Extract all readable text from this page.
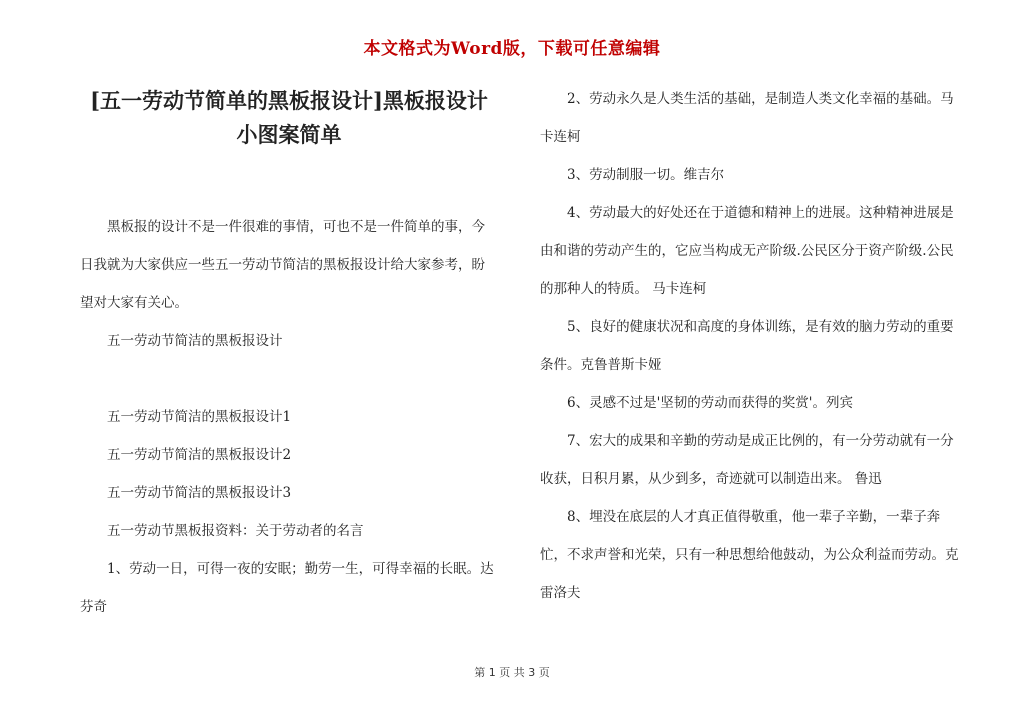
本文格式为Word版，下载可任意编辑
[五一劳动节简单的黑板报设计]黑板报设计小图案简单

黑板报的设计不是一件很难的事情，可也不是一件简单的事，今日我就为大家供应一些五一劳动节简洁的黑板报设计给大家参考，盼望对大家有关心。

五一劳动节简洁的黑板报设计

五一劳动节简洁的黑板报设计1

五一劳动节简洁的黑板报设计2

五一劳动节简洁的黑板报设计3

五一劳动节黑板报资料：关于劳动者的名言

1、劳动一日，可得一夜的安眠；勤劳一生，可得幸福的长眠。达芬奇

2、劳动永久是人类生活的基础，是制造人类文化幸福的基础。马卡连柯

3、劳动制服一切。维吉尔

4、劳动最大的好处还在于道德和精神上的进展。这种精神进展是由和谐的劳动产生的，它应当构成无产阶级.公民区分于资产阶级.公民的那种人的特质。 马卡连柯

5、良好的健康状况和高度的身体训练，是有效的脑力劳动的重要条件。克鲁普斯卡娅

6、灵感不过是'坚韧的劳动而获得的奖赏'。列宾

7、宏大的成果和辛勤的劳动是成正比例的，有一分劳动就有一分收获，日积月累，从少到多，奇迹就可以制造出来。 鲁迅

8、埋没在底层的人才真正值得敬重，他一辈子辛勤，一辈子奔忙，不求声誉和光荣，只有一种思想给他鼓动，为公众利益而劳动。克雷洛夫

第 1 页 共 3 页
